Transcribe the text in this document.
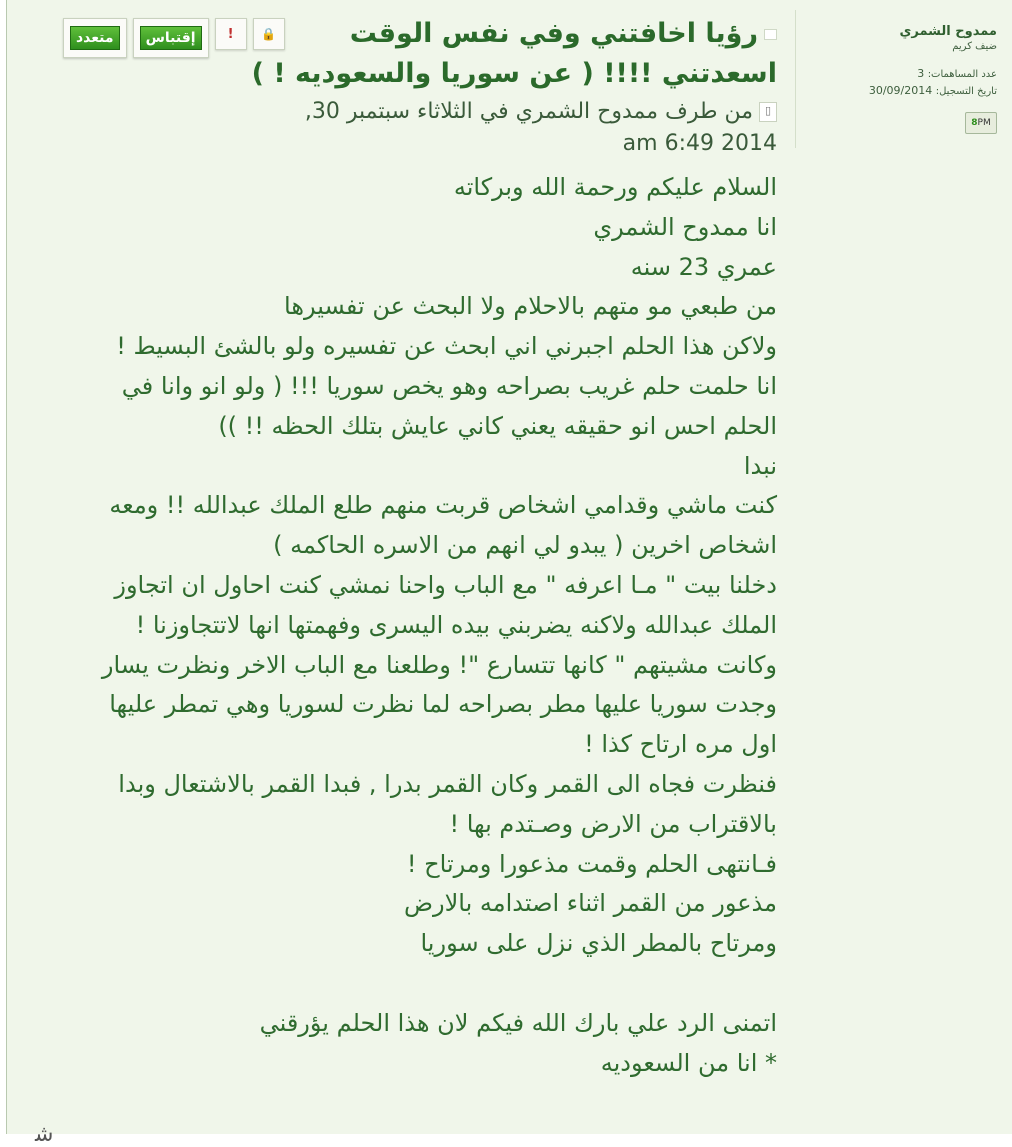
ممدوح الشمري
ضيف كريم
عدد المساهمات: 3
تاريخ التسجيل: 30/09/2014
8PM
متعدد	إقتباس	! 🔒	رؤيا اخافتني وفي نفس الوقت
اسعدتني !!!! ( عن سوريا والسعوديه ! )
▯من طرف ممدوح الشمري في الثلاثاء سبتمبر 30,
2014 6:49 am

السلام عليكم ورحمة الله وبركاته

انا ممدوح الشمري

عمري 23 سنه

من طبعي مو متهم بالاحلام ولا البحث عن تفسيرها

ولاكن هذا الحلم اجبرني اني ابحث عن تفسيره ولو بالشئ البسيط !

انا حلمت حلم غريب بصراحه وهو يخص سوريا !!! ( ولو انو وانا في

الحلم احس انو حقيقه يعني كاني عايش بتلك الحظه !! ))

نبدا

كنت ماشي وقدامي اشخاص قربت منهم طلع الملك عبدالله !! ومعه

اشخاص اخرين ( يبدو لي انهم من الاسره الحاكمه )

دخلنا بيت " مـا اعرفه " مع الباب واحنا نمشي كنت احاول ان اتجاوز

الملك عبدالله ولاكنه يضربني بيده اليسرى وفهمتها انها لاتتجاوزنا !

وكانت مشيتهم " كانها تتسارع "! وطلعنا مع الباب الاخر ونظرت يسار

وجدت سوريا عليها مطر بصراحه لما نظرت لسوريا وهي تمطر عليها

اول مره ارتاح كذا !

فنظرت فجاه الى القمر وكان القمر بدرا , فبدا القمر بالاشتعال وبدا

بالاقتراب من الارض وصـتدم بها !

فـانتهى الحلم وقمت مذعورا ومرتاح !

مذعور من القمر اثناء اصتدامه بالارض

ومرتاح بالمطر الذي نزل على سوريا

اتمنى الرد علي بارك الله فيكم لان هذا الحلم يؤرقني

* انا من السعوديه

ﺷ
